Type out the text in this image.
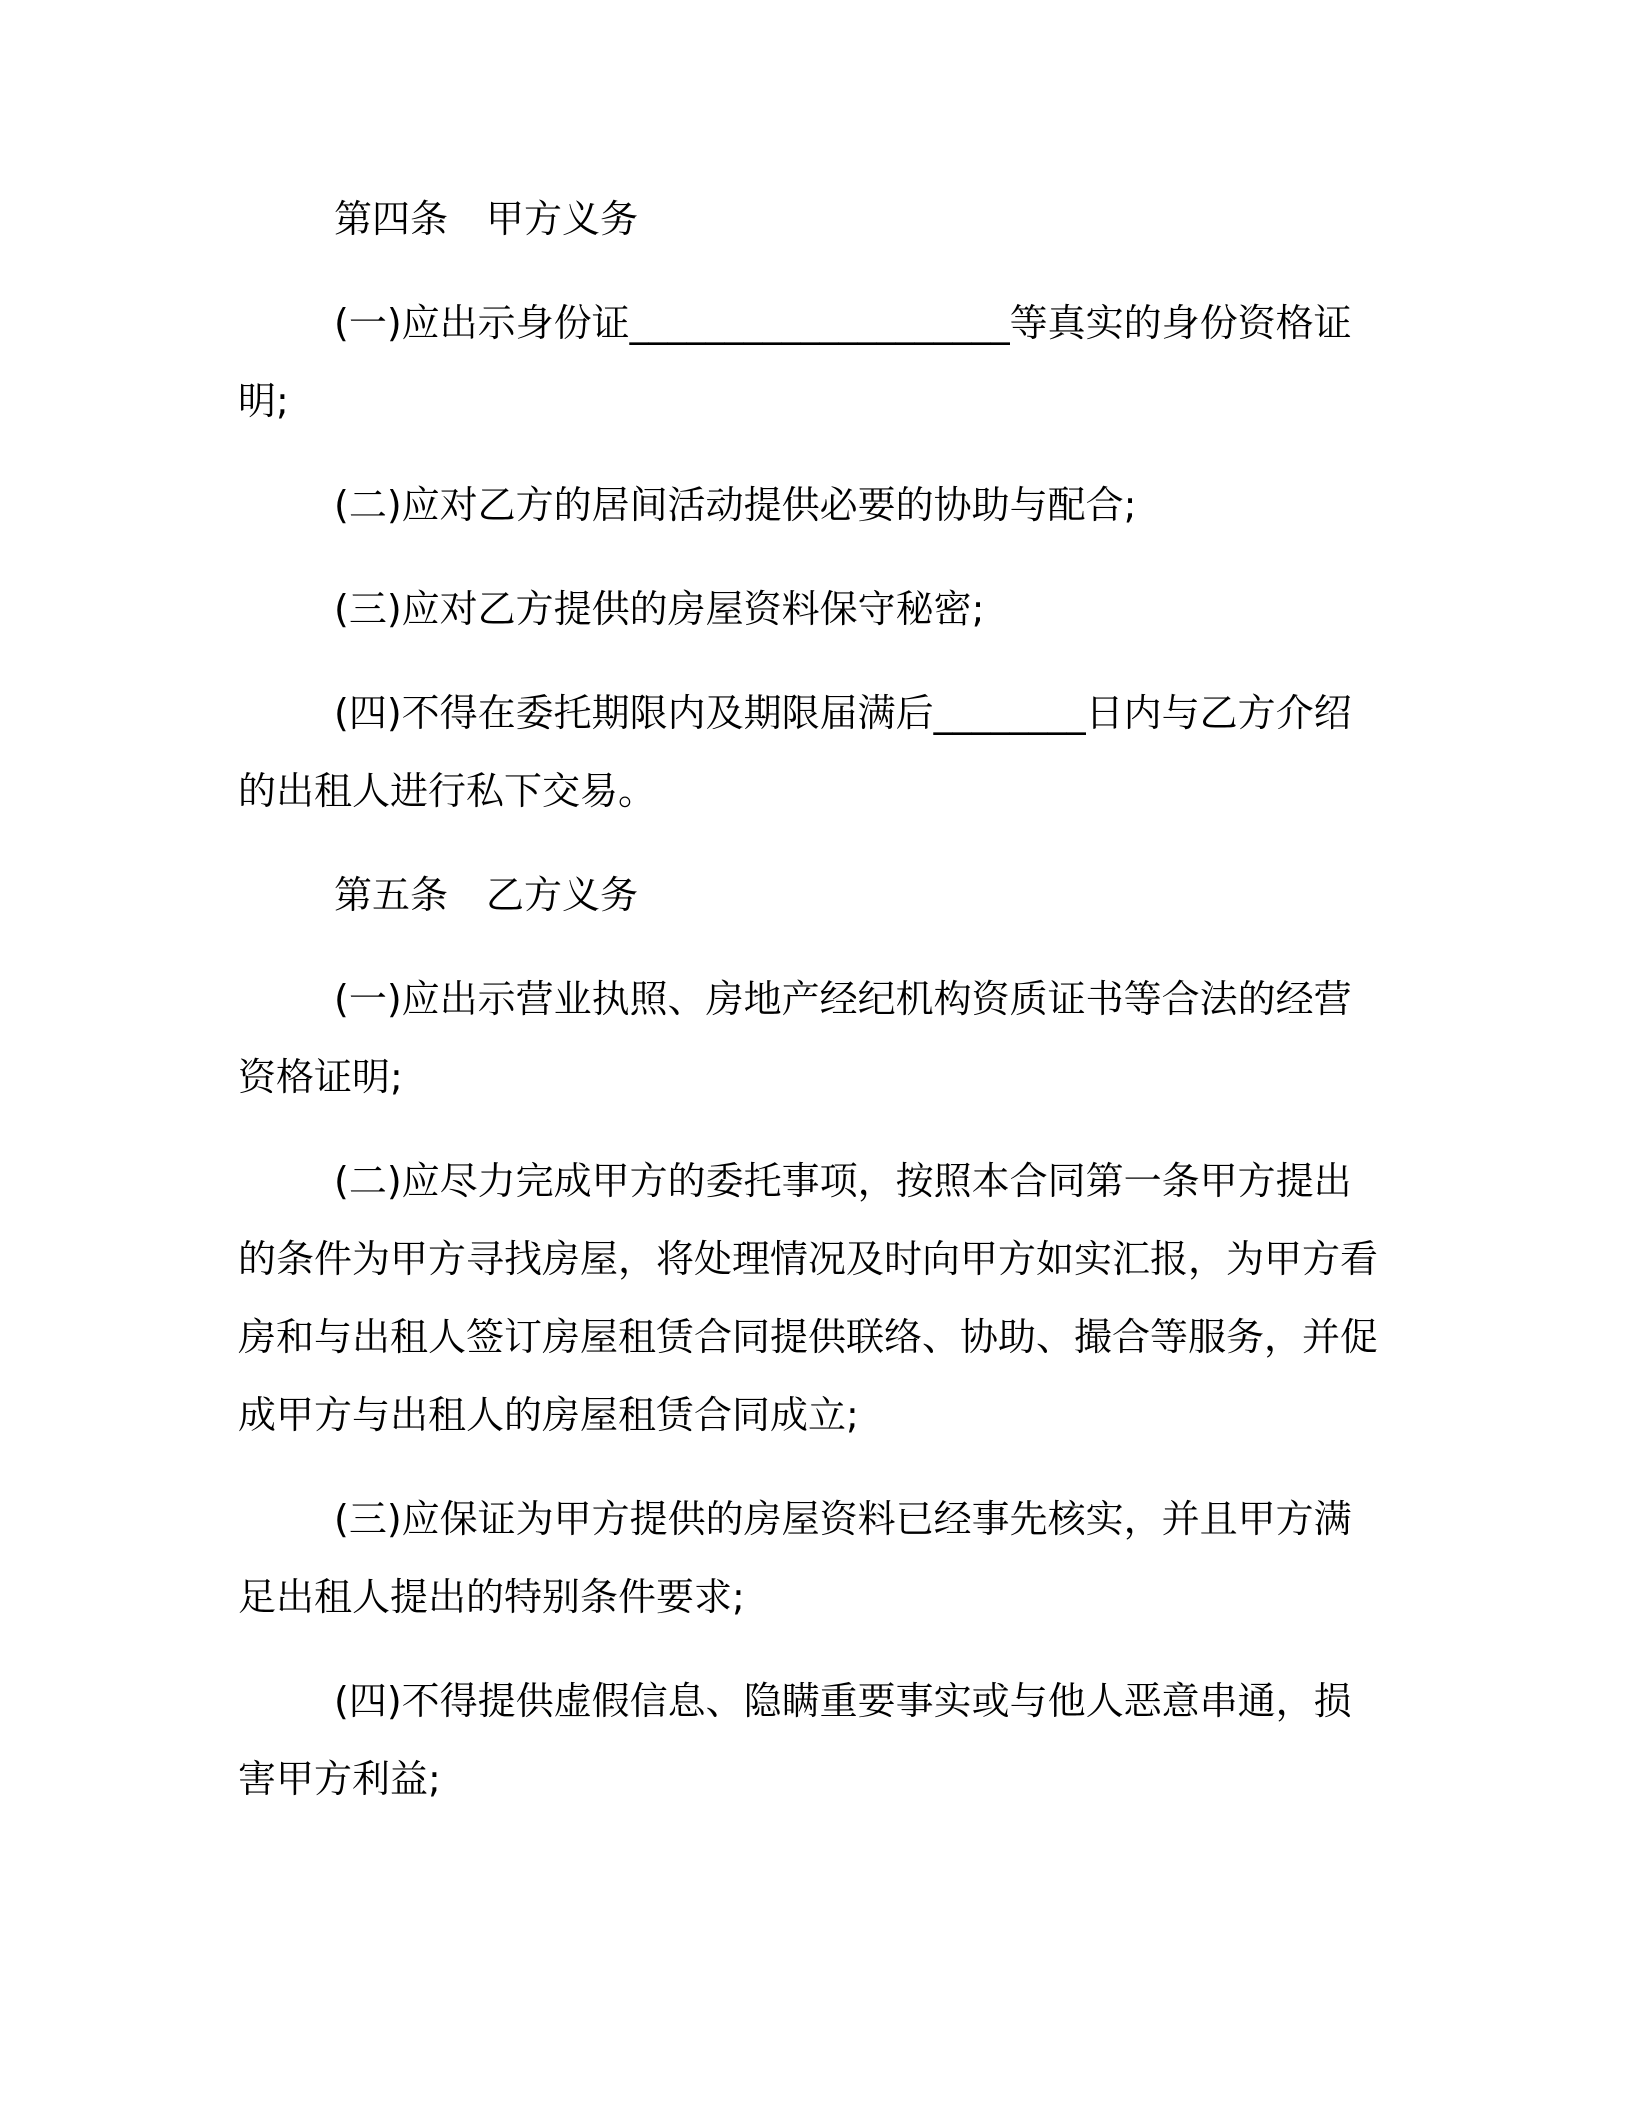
第四条　甲方义务

(一)应出示身份证____________________等真实的身份资格证明;

(二)应对乙方的居间活动提供必要的协助与配合;

(三)应对乙方提供的房屋资料保守秘密;

(四)不得在委托期限内及期限届满后________日内与乙方介绍的出租人进行私下交易。

第五条　乙方义务

(一)应出示营业执照、房地产经纪机构资质证书等合法的经营资格证明;

(二)应尽力完成甲方的委托事项，按照本合同第一条甲方提出的条件为甲方寻找房屋，将处理情况及时向甲方如实汇报，为甲方看房和与出租人签订房屋租赁合同提供联络、协助、撮合等服务，并促成甲方与出租人的房屋租赁合同成立;

(三)应保证为甲方提供的房屋资料已经事先核实，并且甲方满足出租人提出的特别条件要求;

(四)不得提供虚假信息、隐瞒重要事实或与他人恶意串通，损害甲方利益;
